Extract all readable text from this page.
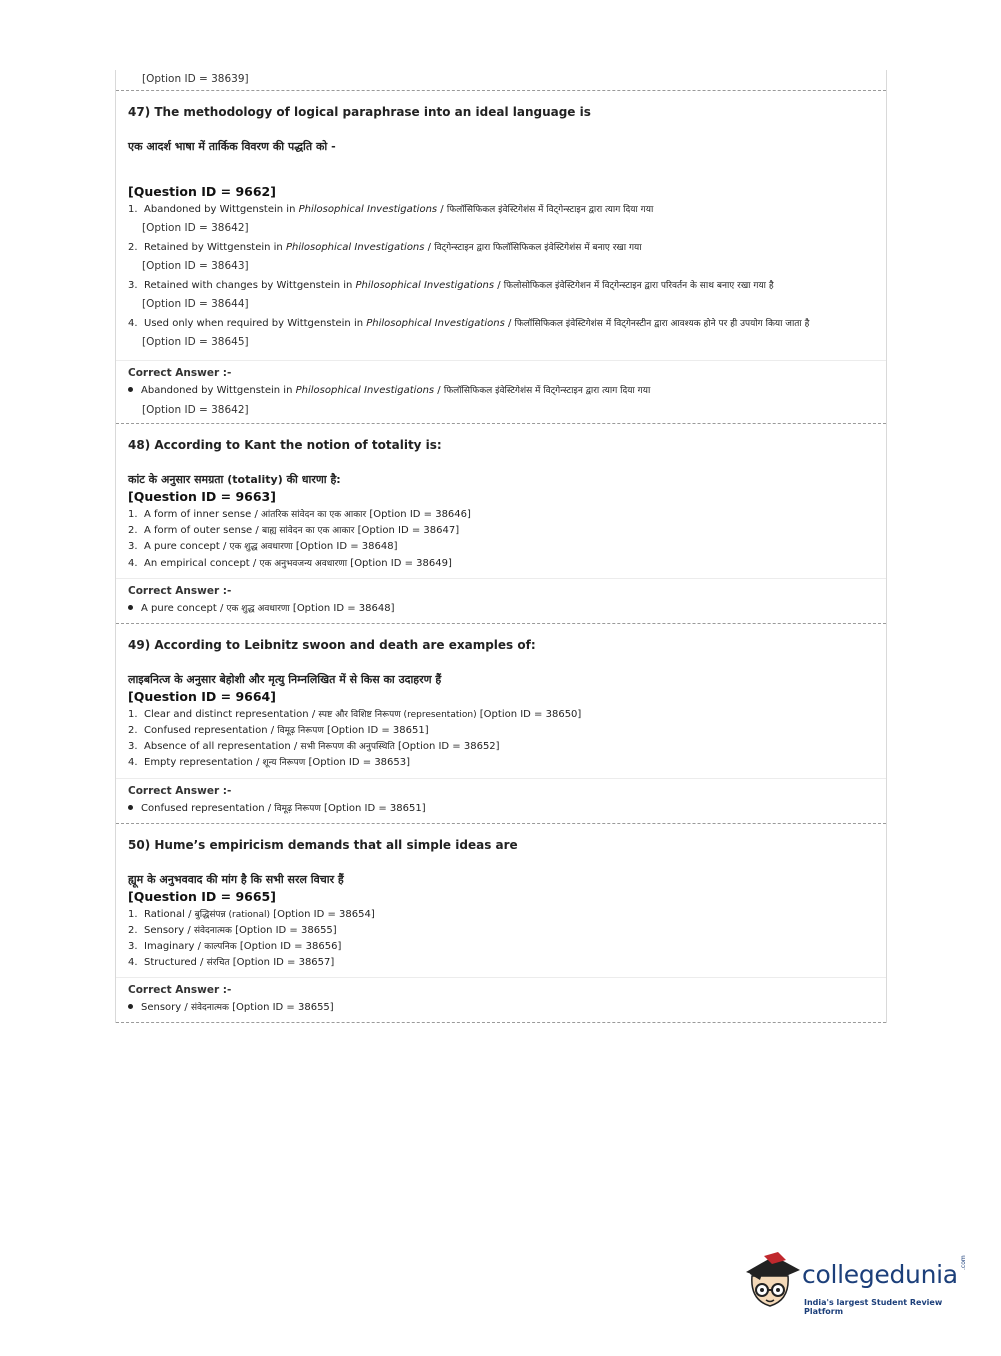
[Option ID = 38639]
47) The methodology of logical paraphrase into an ideal language is
एक आदर्श भाषा में तार्किक विवरण की पद्धति को -
[Question ID = 9662]
1. Abandoned by Wittgenstein in Philosophical Investigations / फिलॉसिफिकल इंवेस्टिगेशंस में विट्गेन्स्टाइन द्वारा त्याग दिया गया
[Option ID = 38642]
2. Retained by Wittgenstein in Philosophical Investigations / विट्गेन्स्टाइन द्वारा फिलॉसिफिकल इंवेस्टिगेशंस में बनाए रखा गया
[Option ID = 38643]
3. Retained with changes by Wittgenstein in Philosophical Investigations / फिलोसोफिकल इंवेस्टिगेशन में विट्गेन्स्टाइन द्वारा परिवर्तन के साथ बनाए रखा गया है
[Option ID = 38644]
4. Used only when required by Wittgenstein in Philosophical Investigations / फिलॉसिफिकल इंवेस्टिगेशंस में विट्गेनस्टीन द्वारा आवश्यक होने पर ही उपयोग किया जाता है
[Option ID = 38645]
Correct Answer :-
Abandoned by Wittgenstein in Philosophical Investigations / फिलॉसिफिकल इंवेस्टिगेशंस में विट्गेन्स्टाइन द्वारा त्याग दिया गया
[Option ID = 38642]
48) According to Kant the notion of totality is:
कांट के अनुसार समग्रता (totality) की धारणा है:
[Question ID = 9663]
1. A form of inner sense / आंतरिक सांवेदन का एक आकार [Option ID = 38646]
2. A form of outer sense / बाह्य सांवेदन का एक आकार [Option ID = 38647]
3. A pure concept / एक शुद्ध अवधारणा [Option ID = 38648]
4. An empirical concept / एक अनुभवजन्य अवधारणा [Option ID = 38649]
Correct Answer :-
A pure concept / एक शुद्ध अवधारणा [Option ID = 38648]
49) According to Leibnitz swoon and death are examples of:
लाइबनित्ज के अनुसार बेहोशी और मृत्यु निम्नलिखित में से किस का उदाहरण हैं
[Question ID = 9664]
1. Clear and distinct representation / स्पष्ट और विशिष्ट निरूपण (representation) [Option ID = 38650]
2. Confused representation / विमूढ़ निरूपण [Option ID = 38651]
3. Absence of all representation / सभी निरूपण की अनुपस्थिति [Option ID = 38652]
4. Empty representation / शून्य निरूपण [Option ID = 38653]
Correct Answer :-
Confused representation / विमूढ़ निरूपण [Option ID = 38651]
50) Hume’s empiricism demands that all simple ideas are
ह्यूम के अनुभववाद की मांग है कि सभी सरल विचार हैं
[Question ID = 9665]
1. Rational / बुद्धिसंपन्न (rational) [Option ID = 38654]
2. Sensory / संवेदनात्मक [Option ID = 38655]
3. Imaginary / काल्पनिक [Option ID = 38656]
4. Structured / संरचित [Option ID = 38657]
Correct Answer :-
Sensory / संवेदनात्मक [Option ID = 38655]
collegedunia .com
India's largest Student Review Platform
